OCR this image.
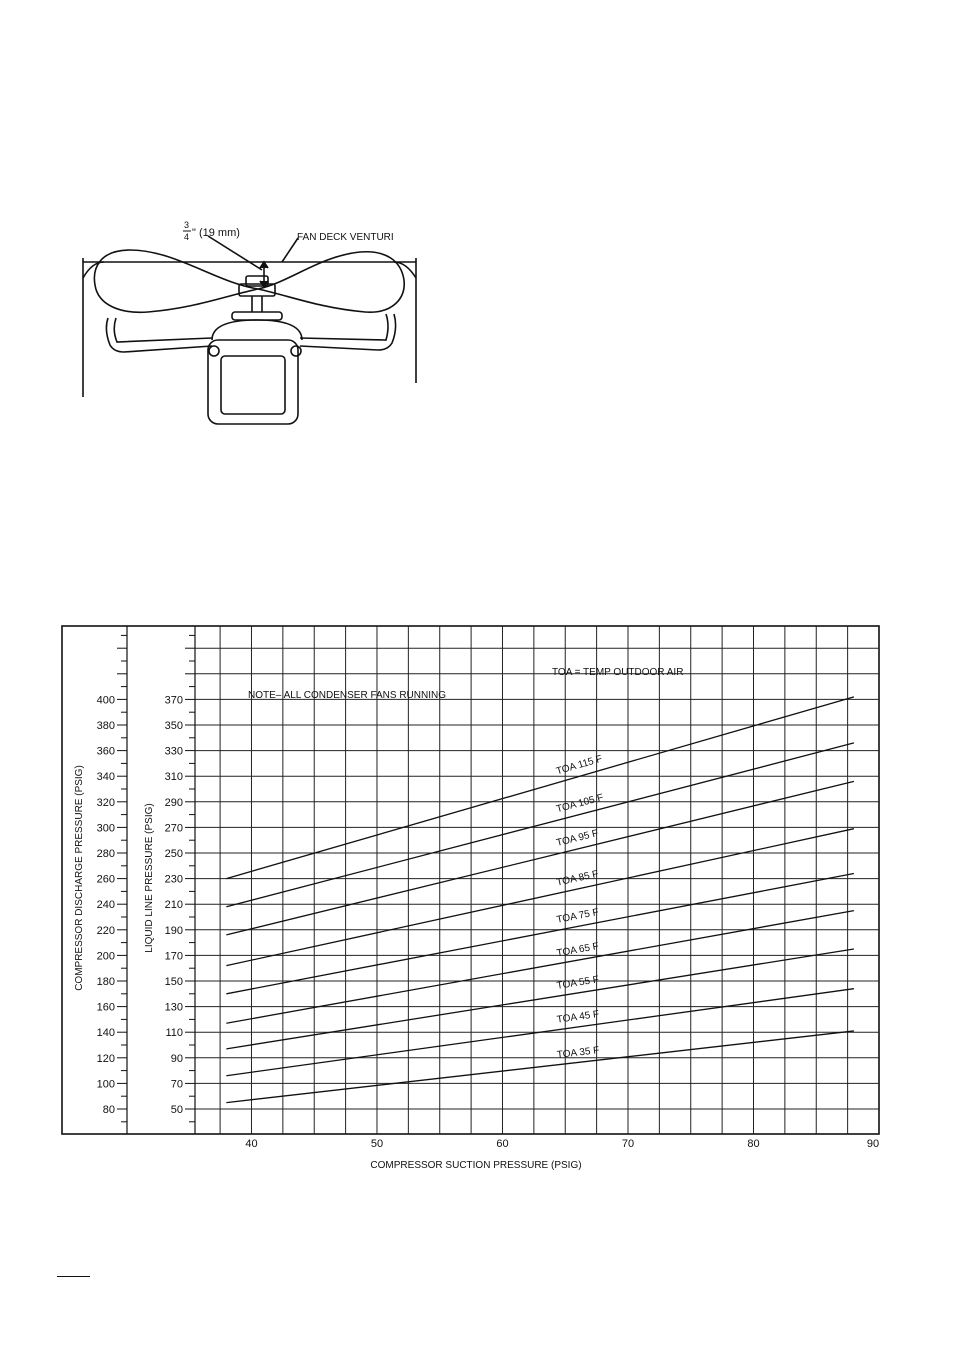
3
4 " (19 mm)	FAN DECK VENTURI
80
100
120
140
160
180
200
220
240
260
280
300
320
340
360
380
400
50
70
90
110
130
150
170
190
210
230
250
270
290
310
330
350
370
40	50	60	70	80	90
TOA 115 F
TOA 105 F
TOA 95 F
TOA 85 F
TOA 75 F
TOA 65 F
TOA 55 F
TOA 45 F
TOA 35 F
NOTE– ALL CONDENSER FANS RUNNING
TOA = TEMP OUTDOOR AIR
COMPRESSOR SUCTION PRESSURE (PSIG)
COMPRESSOR DISCHARGE PRESSURE (PSIG)	LIQUID LINE PRESSURE (PSIG)
